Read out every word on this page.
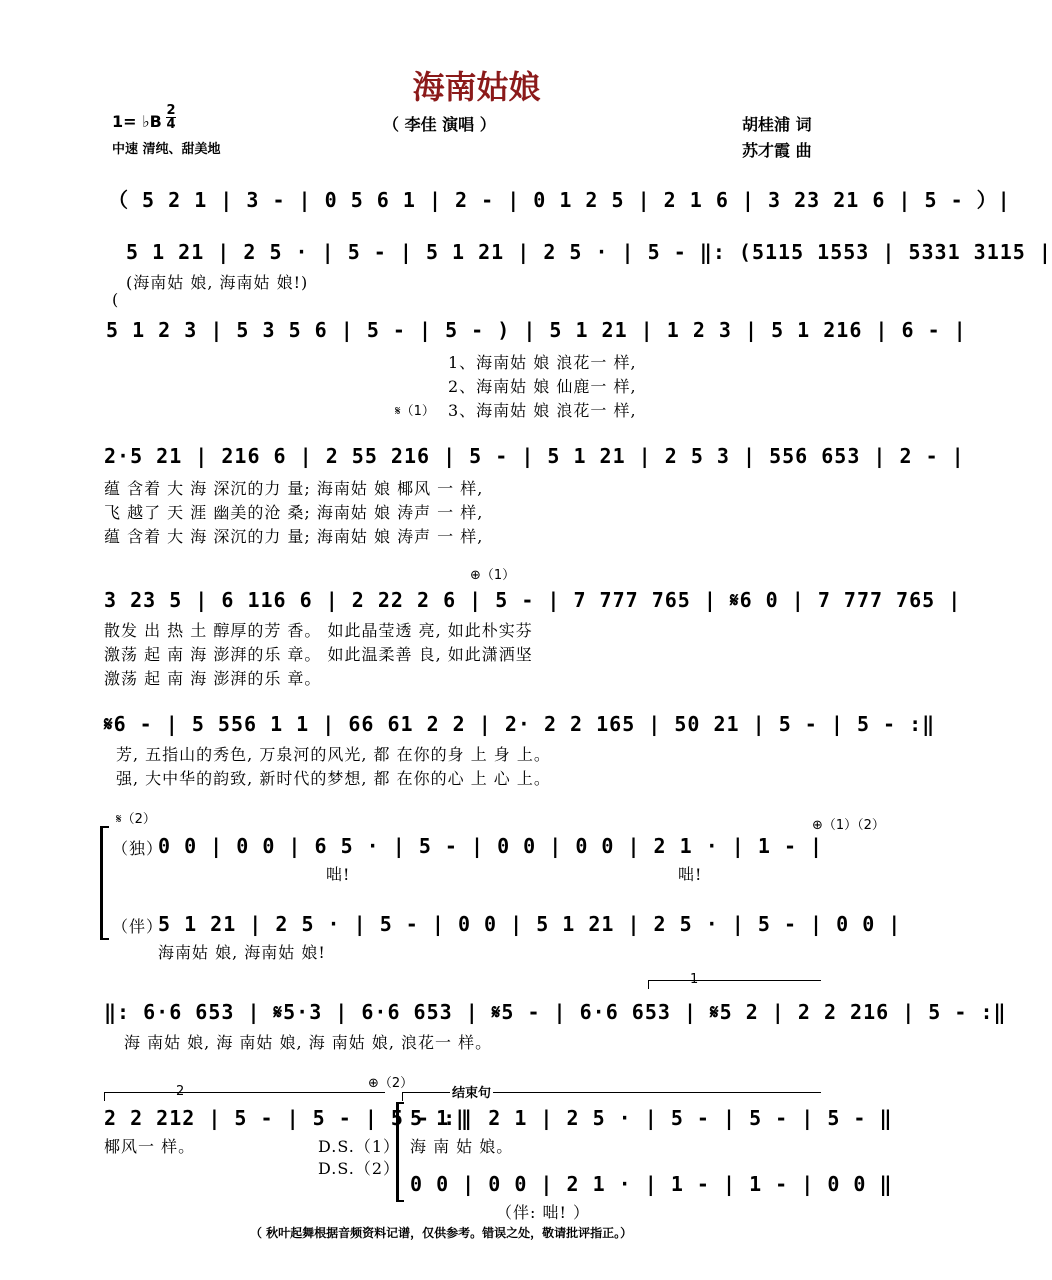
海南姑娘
（ 李佳 演唱 ）
1= ♭B
2
4
中速 清纯、甜美地
胡桂浦 词
苏才霞 曲
（ 5 2 1 | 3 - | 0 5 6 1 | 2 - | 0 1 2 5 | 2 1 6 | 3 23 21 6 | 5 - ）|
5 1 21 | 2 5 · | 5 - | 5 1 21 | 2 5 · | 5 - ‖: (5115 1553 | 5331 3115 |
(海南姑 娘, 海南姑 娘!)
(
5 1 2 3 | 5 3 5 6 | 5 - | 5 - ) | 5 1 21 | 1 2 3 | 5 1 216 | 6 - |
1、海南姑 娘 浪花一 样,
2、海南姑 娘 仙鹿一 样,
𝄋（1） 3、海南姑 娘 浪花一 样,
2·5 21 | 216 6 | 2 55 216 | 5 - | 5 1 21 | 2 5 3 | 556 653 | 2 - |
蕴 含着 大 海 深沉的力 量; 海南姑 娘 椰风 一 样,
飞 越了 天 涯 幽美的沧 桑; 海南姑 娘 涛声 一 样,
蕴 含着 大 海 深沉的力 量; 海南姑 娘 涛声 一 样,
⊕（1）
3 23 5 | 6 116 6 | 2 22 2 6 | 5 - | 7 777 765 | 𝄋6 0 | 7 777 765 |
散发 出 热 土 醇厚的芳 香。 如此晶莹透 亮, 如此朴实芬
激荡 起 南 海 澎湃的乐 章。 如此温柔善 良, 如此潇洒坚
激荡 起 南 海 澎湃的乐 章。
𝄋6 - | 5 556 1 1 | 66 61 2 2 | 2· 2 2 165 | 50 21 | 5 - | 5 - :‖
芳, 五指山的秀色, 万泉河的风光, 都 在你的身 上 身 上。
强, 大中华的韵致, 新时代的梦想, 都 在你的心 上 心 上。
𝄋（2）	⊕（1）（2）
（独）
0 0 | 0 0 | 6 5 · | 5 - | 0 0 | 0 0 | 2 1 · | 1 - |
咄!	咄!
（伴）
5 1 21 | 2 5 · | 5 - | 0 0 | 5 1 21 | 2 5 · | 5 - | 0 0 |
海南姑 娘, 海南姑 娘!
1
‖: 6·6 653 | 𝄋5·3 | 6·6 653 | 𝄋5 - | 6·6 653 | 𝄋5 2 | 2 2 216 | 5 - :‖
海 南姑 娘, 海 南姑 娘, 海 南姑 娘, 浪花一 样。
2
⊕（2）
结束句
2 2 212 | 5 - | 5 - | 5 - :‖
椰风一 样。	D.S.（1）
D.S.（2）
5 1 | 2 1 | 2 5 · | 5 - | 5 - | 5 - ‖
海 南 姑 娘。
0 0 | 0 0 | 2 1 · | 1 - | 1 - | 0 0 ‖
（伴: 咄! ）
（ 秋叶起舞根据音频资料记谱，仅供参考。错误之处，敬请批评指正。）
